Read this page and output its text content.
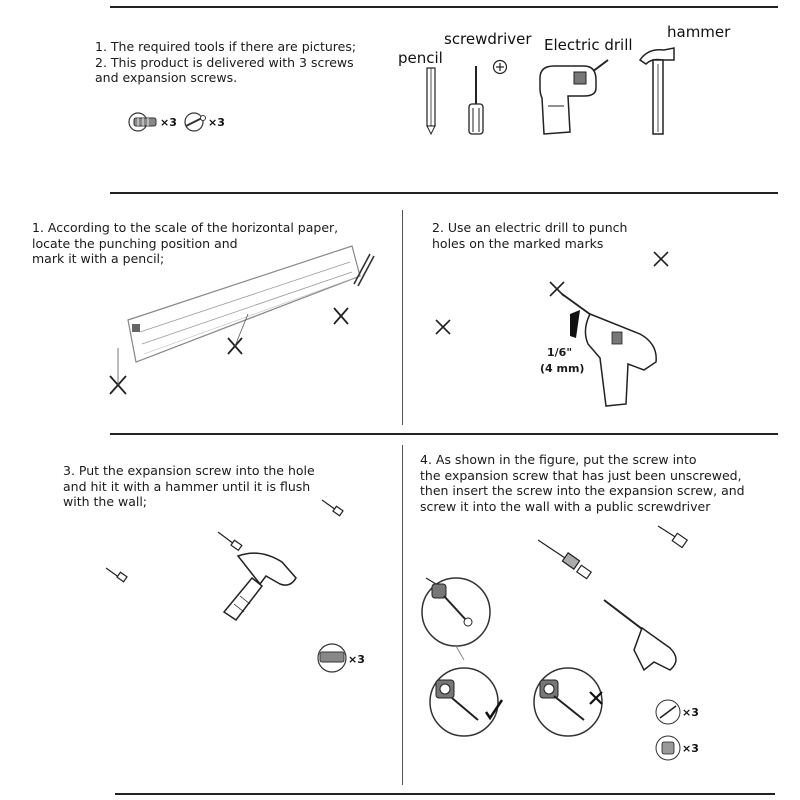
1. The required tools if there are pictures;
2. This product is delivered with 3 screws
and expansion screws.
×3	×3
pencil
screwdriver Electric drill
hammer
1. According to the scale of the horizontal paper,
locate the punching position and
mark it with a pencil;
2. Use an electric drill to punch
holes on the marked marks
1/6"
(4 mm)
3. Put the expansion screw into the hole
and hit it with a hammer until it is flush
with the wall;
×3
4. As shown in the figure, put the screw into
the expansion screw that has just been unscrewed,
then insert the screw into the expansion screw, and
screw it into the wall with a public screwdriver
×3
×3
